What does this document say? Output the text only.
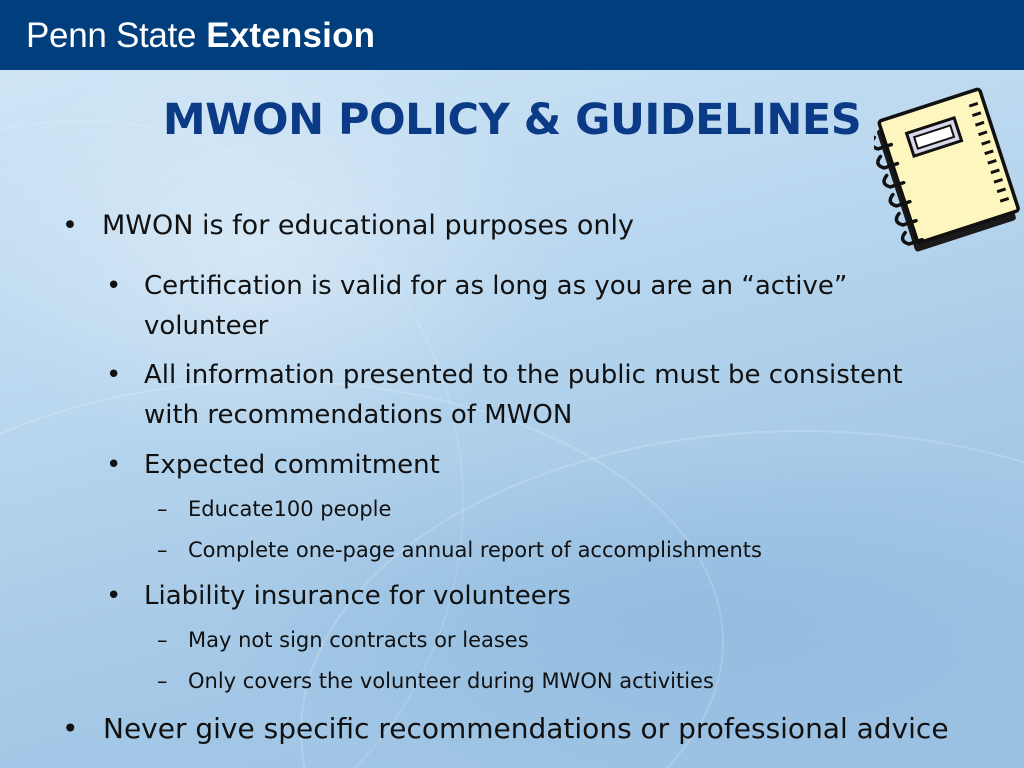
Penn State Extension
MWON POLICY & GUIDELINES
• MWON is for educational purposes only
• Certification is valid for as long as you are an “active”
volunteer
• All information presented to the public must be consistent
with recommendations of MWON
• Expected commitment
– Educate100 people
– Complete one-page annual report of accomplishments
• Liability insurance for volunteers
– May not sign contracts or leases
– Only covers the volunteer during MWON activities
• Never give specific recommendations or professional advice
